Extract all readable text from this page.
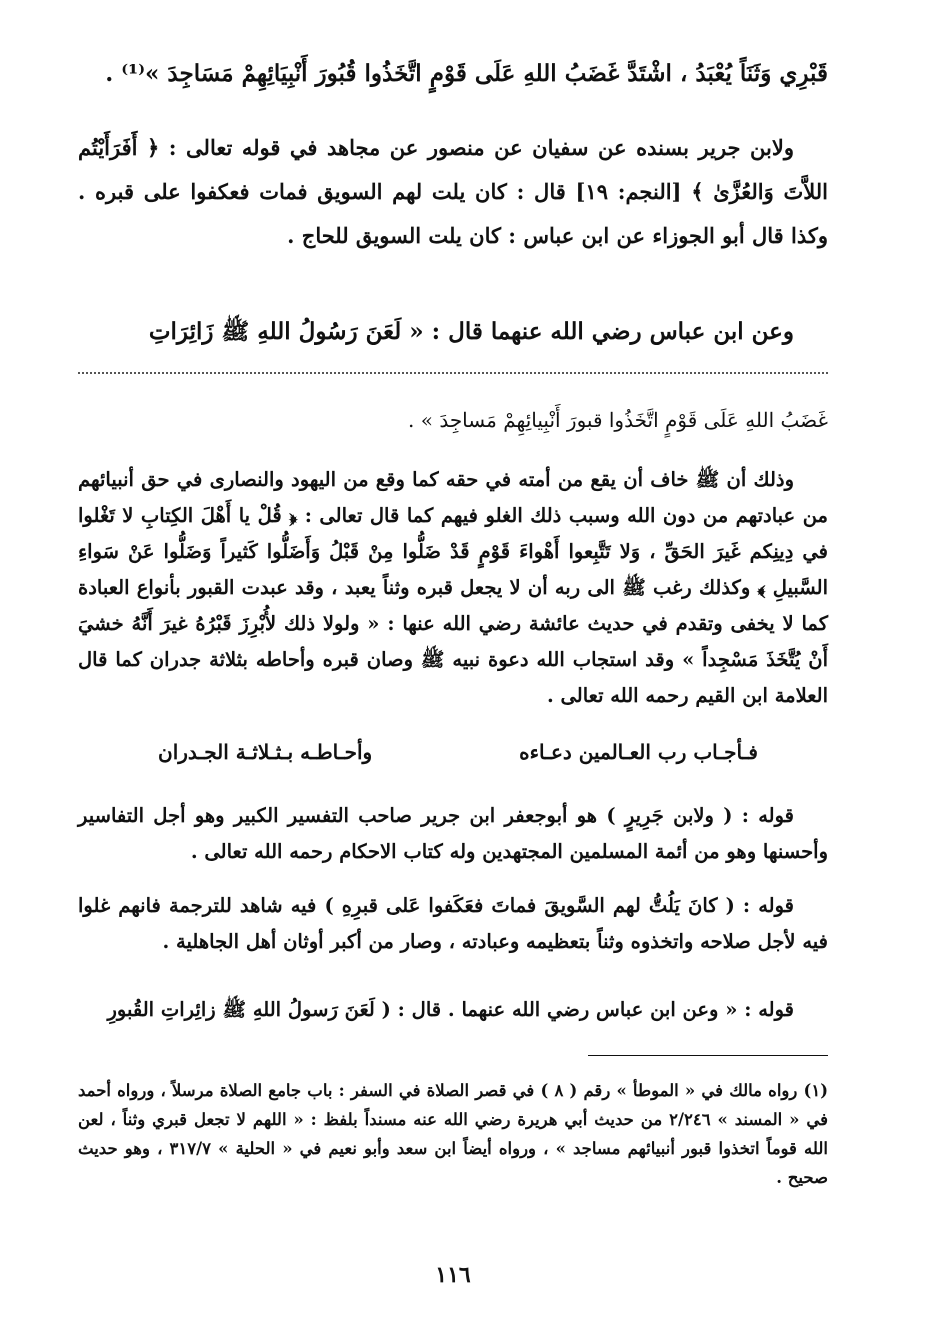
قَبْرِي وَثَنَاً يُعْبَدُ ، اشْتَدَّ غَضَبُ اللهِ عَلَى قَوْمٍ اتَّخَذُوا قُبُورَ أَنْبِيَائِهِمْ مَسَاجِدَ »⁽¹⁾ .

ولابن جرير بسنده عن سفيان عن منصور عن مجاهد في قوله تعالى : ﴿ أَفَرَأَيْتُم اللاَّتَ وَالعُزَّىٰ ﴾ [النجم: ١٩] قال : كان يلت لهم السويق فمات فعكفوا على قبره . وكذا قال أبو الجوزاء عن ابن عباس : كان يلت السويق للحاج .

وعن ابن عباس رضي الله عنهما قال : « لَعَنَ رَسُولُ اللهِ ﷺ زَائِرَاتِ

غَضَبُ اللهِ عَلَى قَوْمٍ اتَّخَذُوا قبورَ أَنْبِيائِهِمْ مَساجِدَ » .

وذلك أن ﷺ خاف أن يقع من أمته في حقه كما وقع من اليهود والنصارى في حق أنبيائهم من عبادتهم من دون الله وسبب ذلك الغلو فيهم كما قال تعالى : ﴿ قُلْ يا أَهْلَ الكِتابِ لا تَغْلوا في دِينِكم غَيرَ الحَقِّ ، وَلا تَتَّبِعوا أَهْواءَ قَوْمٍ قَدْ ضَلُّوا مِنْ قَبْلُ وَأَضَلُّوا كَثيراً وَضَلُّوا عَنْ سَواءِ السَّبيلِ ﴾ وكذلك رغب ﷺ الى ربه أن لا يجعل قبره وثناً يعبد ، وقد عبدت القبور بأنواع العبادة كما لا يخفى وتقدم في حديث عائشة رضي الله عنها : « ولولا ذلك لأُبْرِزَ قَبْرُهُ غيرَ أَنَّهُ خشيَ أَنْ يُتَّخَذَ مَسْجِداً » وقد استجاب الله دعوة نبيه ﷺ وصان قبره وأحاطه بثلاثة جدران كما قال العلامة ابن القيم رحمه الله تعالى .

فـأجـاب رب العـالمين دعـاءه
وأحـاطـه بـثـلاثـة الجـدران

قوله : ( ولابن جَرِيرٍ ) هو أبوجعفر ابن جرير صاحب التفسير الكبير وهو أجل التفاسير وأحسنها وهو من أئمة المسلمين المجتهدين وله كتاب الاحكام رحمه الله تعالى .

قوله : ( كانَ يَلُتُّ لهم السَّويقَ فماتَ فعَكَفوا عَلى قبرِهِ ) فيه شاهد للترجمة فانهم غلوا فيه لأجل صلاحه واتخذوه وثناً بتعظيمه وعبادته ، وصار من أكبر أوثان أهل الجاهلية .

قوله : « وعن ابن عباس رضي الله عنهما . قال : ( لَعَنَ رَسولُ اللهِ ﷺ زائِراتِ القُبورِ

(١) رواه مالك في « الموطأ » رقم ( ٨ ) في قصر الصلاة في السفر : باب جامع الصلاة مرسلاً ، ورواه أحمد في « المسند » ٢/٢٤٦ من حديث أبي هريرة رضي الله عنه مسنداً بلفظ : « اللهم لا تجعل قبري وثناً ، لعن الله قوماً اتخذوا قبور أنبيائهم مساجد » ، ورواه أيضاً ابن سعد وأبو نعيم في « الحلية » ٣١٧/٧ ، وهو حديث صحيح .

١١٦
